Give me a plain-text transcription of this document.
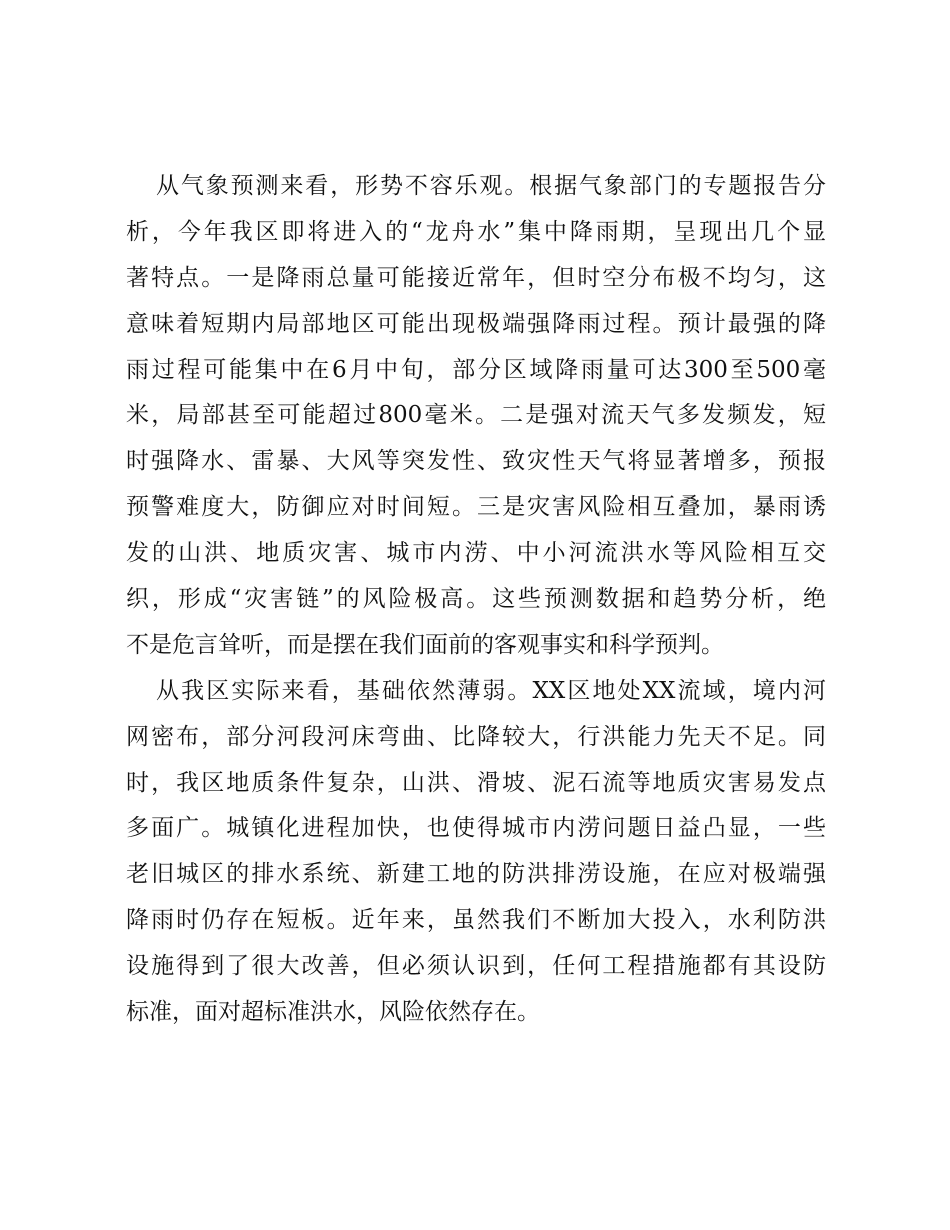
从气象预测来看，形势不容乐观。根据气象部门的专题报告分
析，今年我区即将进入的“龙舟水”集中降雨期，呈现出几个显
著特点。一是降雨总量可能接近常年，但时空分布极不均匀，这
意味着短期内局部地区可能出现极端强降雨过程。预计最强的降
雨过程可能集中在6月中旬，部分区域降雨量可达300至500毫
米，局部甚至可能超过800毫米。二是强对流天气多发频发，短
时强降水、雷暴、大风等突发性、致灾性天气将显著增多，预报
预警难度大，防御应对时间短。三是灾害风险相互叠加，暴雨诱
发的山洪、地质灾害、城市内涝、中小河流洪水等风险相互交
织，形成“灾害链”的风险极高。这些预测数据和趋势分析，绝
不是危言耸听，而是摆在我们面前的客观事实和科学预判。
从我区实际来看，基础依然薄弱。XX区地处XX流域，境内河
网密布，部分河段河床弯曲、比降较大，行洪能力先天不足。同
时，我区地质条件复杂，山洪、滑坡、泥石流等地质灾害易发点
多面广。城镇化进程加快，也使得城市内涝问题日益凸显，一些
老旧城区的排水系统、新建工地的防洪排涝设施，在应对极端强
降雨时仍存在短板。近年来，虽然我们不断加大投入，水利防洪
设施得到了很大改善，但必须认识到，任何工程措施都有其设防
标准，面对超标准洪水，风险依然存在。
